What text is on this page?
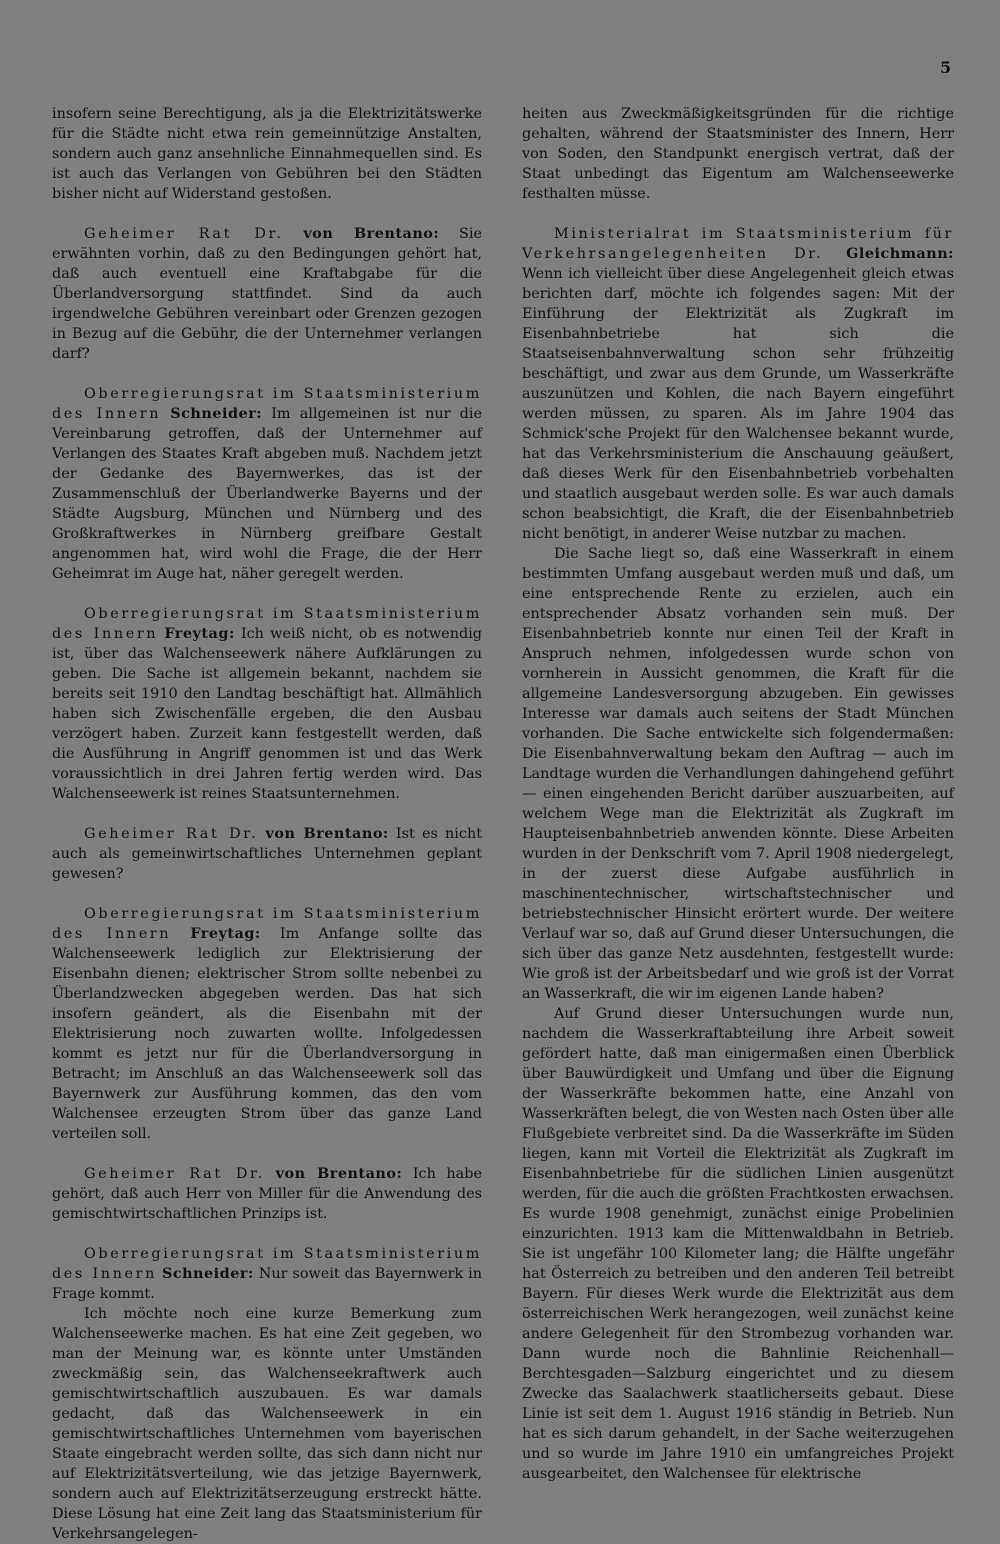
5

insofern seine Berechtigung, als ja die Elektrizitätswerke für die Städte nicht etwa rein gemeinnützige Anstalten, sondern auch ganz ansehnliche Einnahmequellen sind. Es ist auch das Verlangen von Gebühren bei den Städten bisher nicht auf Widerstand gestoßen.

Geheimer Rat Dr. von Brentano: Sie erwähnten vorhin, daß zu den Bedingungen gehört hat, daß auch eventuell eine Kraftabgabe für die Überlandversorgung stattfindet. Sind da auch irgendwelche Gebühren vereinbart oder Grenzen gezogen in Bezug auf die Gebühr, die der Unternehmer verlangen darf?

Oberregierungsrat im Staatsministerium des Innern Schneider: Im allgemeinen ist nur die Vereinbarung getroffen, daß der Unternehmer auf Verlangen des Staates Kraft abgeben muß. Nachdem jetzt der Gedanke des Bayernwerkes, das ist der Zusammenschluß der Überlandwerke Bayerns und der Städte Augsburg, München und Nürnberg und des Großkraftwerkes in Nürnberg greifbare Gestalt angenommen hat, wird wohl die Frage, die der Herr Geheimrat im Auge hat, näher geregelt werden.

Oberregierungsrat im Staatsministerium des Innern Freytag: Ich weiß nicht, ob es notwendig ist, über das Walchenseewerk nähere Aufklärungen zu geben. Die Sache ist allgemein bekannt, nachdem sie bereits seit 1910 den Landtag beschäftigt hat. Allmählich haben sich Zwischenfälle ergeben, die den Ausbau verzögert haben. Zurzeit kann festgestellt werden, daß die Ausführung in Angriff genommen ist und das Werk voraussichtlich in drei Jahren fertig werden wird. Das Walchenseewerk ist reines Staatsunternehmen.

Geheimer Rat Dr. von Brentano: Ist es nicht auch als gemeinwirtschaftliches Unternehmen geplant gewesen?

Oberregierungsrat im Staatsministerium des Innern Freytag: Im Anfange sollte das Walchenseewerk lediglich zur Elektrisierung der Eisenbahn dienen; elektrischer Strom sollte nebenbei zu Überlandzwecken abgegeben werden. Das hat sich insofern geändert, als die Eisenbahn mit der Elektrisierung noch zuwarten wollte. Infolgedessen kommt es jetzt nur für die Überlandversorgung in Betracht; im Anschluß an das Walchenseewerk soll das Bayernwerk zur Ausführung kommen, das den vom Walchensee erzeugten Strom über das ganze Land verteilen soll.

Geheimer Rat Dr. von Brentano: Ich habe gehört, daß auch Herr von Miller für die Anwendung des gemischtwirtschaftlichen Prinzips ist.

Oberregierungsrat im Staatsministerium des Innern Schneider: Nur soweit das Bayernwerk in Frage kommt.

Ich möchte noch eine kurze Bemerkung zum Walchenseewerke machen. Es hat eine Zeit gegeben, wo man der Meinung war, es könnte unter Umständen zweckmäßig sein, das Walchenseekraftwerk auch gemischtwirtschaftlich auszubauen. Es war damals gedacht, daß das Walchenseewerk in ein gemischtwirtschaftliches Unternehmen vom bayerischen Staate eingebracht werden sollte, das sich dann nicht nur auf Elektrizitätsverteilung, wie das jetzige Bayernwerk, sondern auch auf Elektrizitätserzeugung erstreckt hätte. Diese Lösung hat eine Zeit lang das Staatsministerium für Verkehrsangelegen-

heiten aus Zweckmäßigkeitsgründen für die richtige gehalten, während der Staatsminister des Innern, Herr von Soden, den Standpunkt energisch vertrat, daß der Staat unbedingt das Eigentum am Walchenseewerke festhalten müsse.

Ministerialrat im Staatsministerium für Verkehrsangelegenheiten Dr. Gleichmann: Wenn ich vielleicht über diese Angelegenheit gleich etwas berichten darf, möchte ich folgendes sagen: Mit der Einführung der Elektrizität als Zugkraft im Eisenbahnbetriebe hat sich die Staatseisenbahnverwaltung schon sehr frühzeitig beschäftigt, und zwar aus dem Grunde, um Wasserkräfte auszunützen und Kohlen, die nach Bayern eingeführt werden müssen, zu sparen. Als im Jahre 1904 das Schmick'sche Projekt für den Walchensee bekannt wurde, hat das Verkehrsministerium die Anschauung geäußert, daß dieses Werk für den Eisenbahnbetrieb vorbehalten und staatlich ausgebaut werden solle. Es war auch damals schon beabsichtigt, die Kraft, die der Eisenbahnbetrieb nicht benötigt, in anderer Weise nutzbar zu machen.

Die Sache liegt so, daß eine Wasserkraft in einem bestimmten Umfang ausgebaut werden muß und daß, um eine entsprechende Rente zu erzielen, auch ein entsprechender Absatz vorhanden sein muß. Der Eisenbahnbetrieb konnte nur einen Teil der Kraft in Anspruch nehmen, infolgedessen wurde schon von vornherein in Aussicht genommen, die Kraft für die allgemeine Landesversorgung abzugeben. Ein gewisses Interesse war damals auch seitens der Stadt München vorhanden. Die Sache entwickelte sich folgendermaßen: Die Eisenbahnverwaltung bekam den Auftrag — auch im Landtage wurden die Verhandlungen dahingehend geführt — einen eingehenden Bericht darüber auszuarbeiten, auf welchem Wege man die Elektrizität als Zugkraft im Haupteisenbahnbetrieb anwenden könnte. Diese Arbeiten wurden in der Denkschrift vom 7. April 1908 niedergelegt, in der zuerst diese Aufgabe ausführlich in maschinentechnischer, wirtschaftstechnischer und betriebstechnischer Hinsicht erörtert wurde. Der weitere Verlauf war so, daß auf Grund dieser Untersuchungen, die sich über das ganze Netz ausdehnten, festgestellt wurde: Wie groß ist der Arbeitsbedarf und wie groß ist der Vorrat an Wasserkraft, die wir im eigenen Lande haben?

Auf Grund dieser Untersuchungen wurde nun, nachdem die Wasserkraftabteilung ihre Arbeit soweit gefördert hatte, daß man einigermaßen einen Überblick über Bauwürdigkeit und Umfang und über die Eignung der Wasserkräfte bekommen hatte, eine Anzahl von Wasserkräften belegt, die von Westen nach Osten über alle Flußgebiete verbreitet sind. Da die Wasserkräfte im Süden liegen, kann mit Vorteil die Elektrizität als Zugkraft im Eisenbahnbetriebe für die südlichen Linien ausgenützt werden, für die auch die größten Frachtkosten erwachsen. Es wurde 1908 genehmigt, zunächst einige Probelinien einzurichten. 1913 kam die Mittenwaldbahn in Betrieb. Sie ist ungefähr 100 Kilometer lang; die Hälfte ungefähr hat Österreich zu betreiben und den anderen Teil betreibt Bayern. Für dieses Werk wurde die Elektrizität aus dem österreichischen Werk herangezogen, weil zunächst keine andere Gelegenheit für den Strombezug vorhanden war. Dann wurde noch die Bahnlinie Reichenhall—Berchtesgaden—Salzburg eingerichtet und zu diesem Zwecke das Saalachwerk staatlicherseits gebaut. Diese Linie ist seit dem 1. August 1916 ständig in Betrieb. Nun hat es sich darum gehandelt, in der Sache weiterzugehen und so wurde im Jahre 1910 ein umfangreiches Projekt ausgearbeitet, den Walchensee für elektrische
